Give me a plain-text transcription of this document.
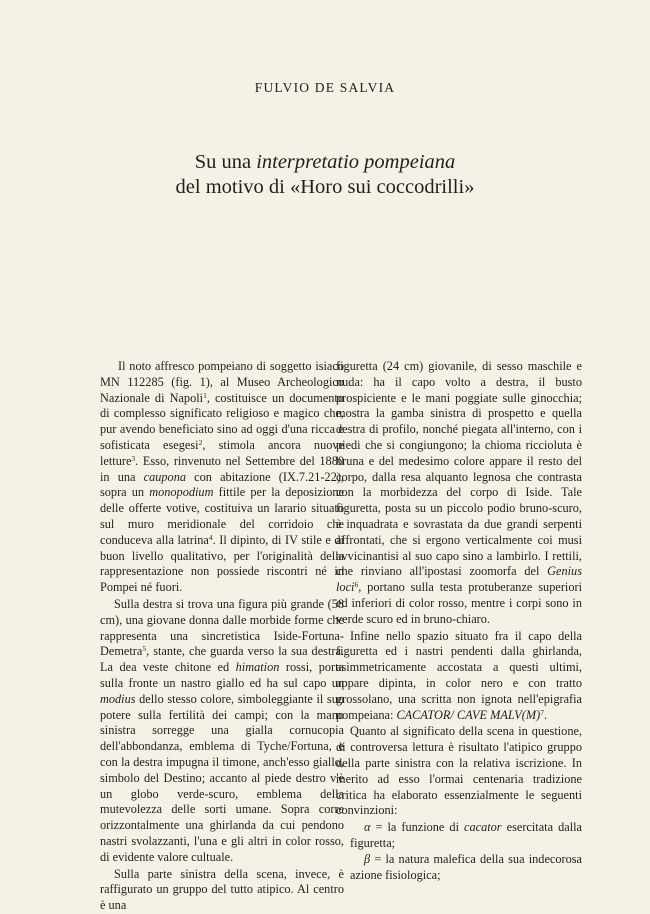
FULVIO DE SALVIA
Su una interpretatio pompeiana
del motivo di «Horo sui coccodrilli»

Il noto affresco pompeiano di soggetto isiaco MN 112285 (fig. 1), al Museo Archeologico Nazionale di Napoli$^1$, costituisce un documento di complesso significato religioso e magico che, pur avendo beneficiato sino ad oggi d'una ricca e sofisticata esegesi$^2$, stimola ancora nuove letture$^3$. Esso, rinvenuto nel Settembre del 1880 in una caupona con abitazione (IX.7.21-22), sopra un monopodium fittile per la deposizione delle offerte votive, costituiva un larario situato sul muro meridionale del corridoio che conduceva alla latrina$^4$. Il dipinto, di IV stile e di buon livello qualitativo, per l'originalità della rappresentazione non possiede riscontri né in Pompei né fuori.

Sulla destra si trova una figura più grande (58 cm), una giovane donna dalle morbide forme che rappresenta una sincretistica Iside-Fortuna-Demetra$^5$, stante, che guarda verso la sua destra. La dea veste chitone ed himation rossi, porta sulla fronte un nastro giallo ed ha sul capo un modius dello stesso colore, simboleggiante il suo potere sulla fertilità dei campi; con la mano sinistra sorregge una gialla cornucopia dell'abbondanza, emblema di Tyche/Fortuna, e con la destra impugna il timone, anch'esso giallo, simbolo del Destino; accanto al piede destro v'è un globo verde-scuro, emblema della mutevolezza delle sorti umane. Sopra corre orizzontalmente una ghirlanda da cui pendono nastri svolazzanti, l'una e gli altri in color rosso, di evidente valore cultuale.

Sulla parte sinistra della scena, invece, è raffigurato un gruppo del tutto atipico. Al centro è una

figuretta (24 cm) giovanile, di sesso maschile e nuda: ha il capo volto a destra, il busto prospiciente e le mani poggiate sulle ginocchia; mostra la gamba sinistra di prospetto e quella destra di profilo, nonché piegata all'interno, con i piedi che si congiungono; la chioma riccioluta è bruna e del medesimo colore appare il resto del corpo, dalla resa alquanto legnosa che contrasta con la morbidezza del corpo di Iside. Tale figuretta, posta su un piccolo podio bruno-scuro, è inquadrata e sovrastata da due grandi serpenti affrontati, che si ergono verticalmente coi musi avvicinantisi al suo capo sino a lambirlo. I rettili, che rinviano all'ipostasi zoomorfa del Genius loci$^6$, portano sulla testa protuberanze superiori ed inferiori di color rosso, mentre i corpi sono in verde scuro ed in bruno-chiaro.

Infine nello spazio situato fra il capo della figuretta ed i nastri pendenti dalla ghirlanda, asimmetricamente accostata a questi ultimi, appare dipinta, in color nero e con tratto grossolano, una scritta non ignota nell'epigrafia pompeiana: CACATOR/ CAVE $MALV(M)^7$.

Quanto al significato della scena in questione, di controversa lettura è risultato l'atipico gruppo della parte sinistra con la relativa iscrizione. In merito ad esso l'ormai centenaria tradizione critica ha elaborato essenzialmente le seguenti convinzioni:

α = la funzione di cacator esercitata dalla figuretta;

β = la natura malefica della sua indecorosa azione fisiologica;
